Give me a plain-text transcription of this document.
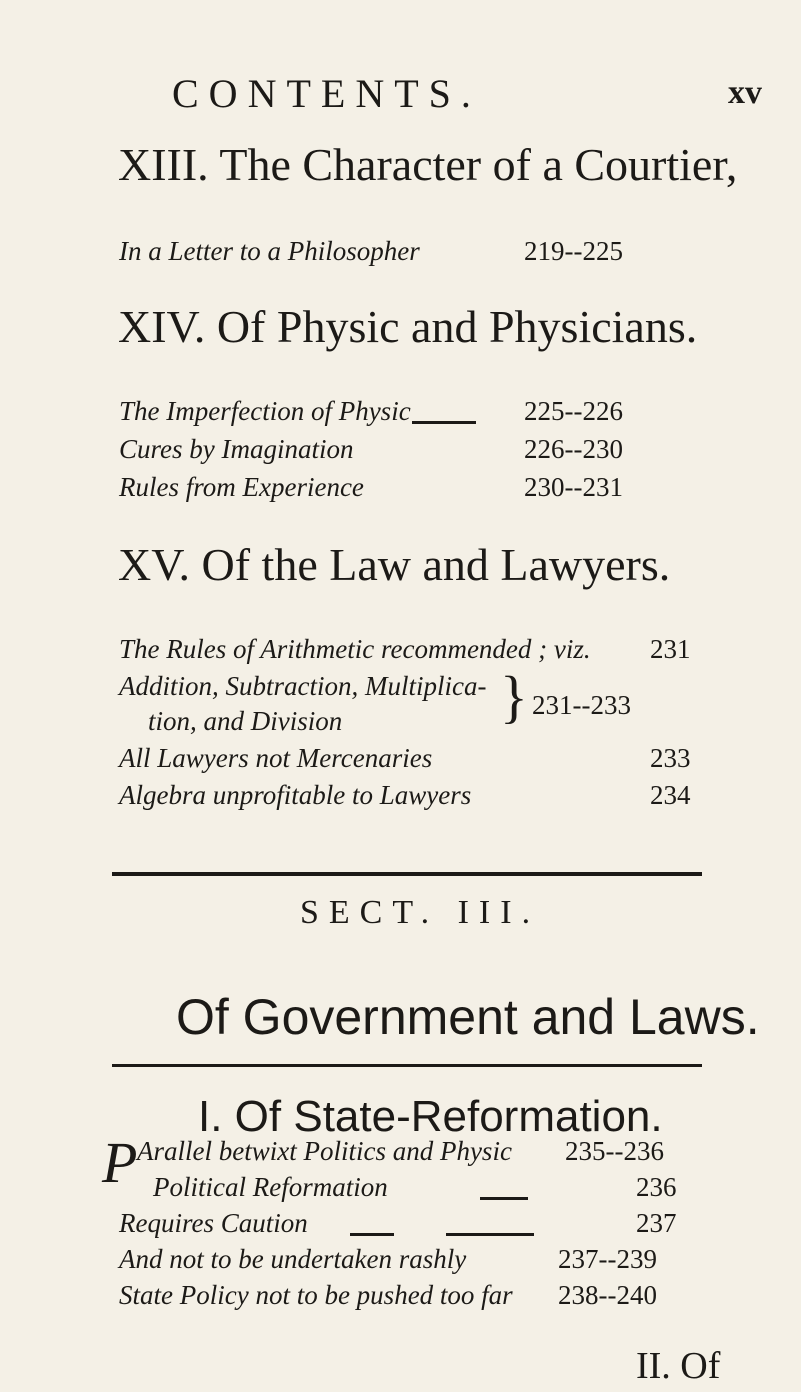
CONTENTS.	xv
XIII. The Character of a Courtier,
In a Letter to a Philosopher	219--225
XIV. Of Physic and Physicians.
The Imperfection of Physic	225--226
Cures by Imagination	226--230
Rules from Experience	230--231
XV. Of the Law and Lawyers.
The Rules of Arithmetic recommended ; viz. 231
Addition, Subtraction, Multiplica-
tion, and Division	} 231--233
All Lawyers not Mercenaries	233
Algebra unprofitable to Lawyers	234
SECT. III.
Of Government and Laws.
I. Of State-Reformation.
P Arallel betwixt Politics and Physic 235--236
Political Reformation	236
Requires Caution	237
And not to be undertaken rashly	237--239
State Policy not to be pushed too far 238--240
II. Of
